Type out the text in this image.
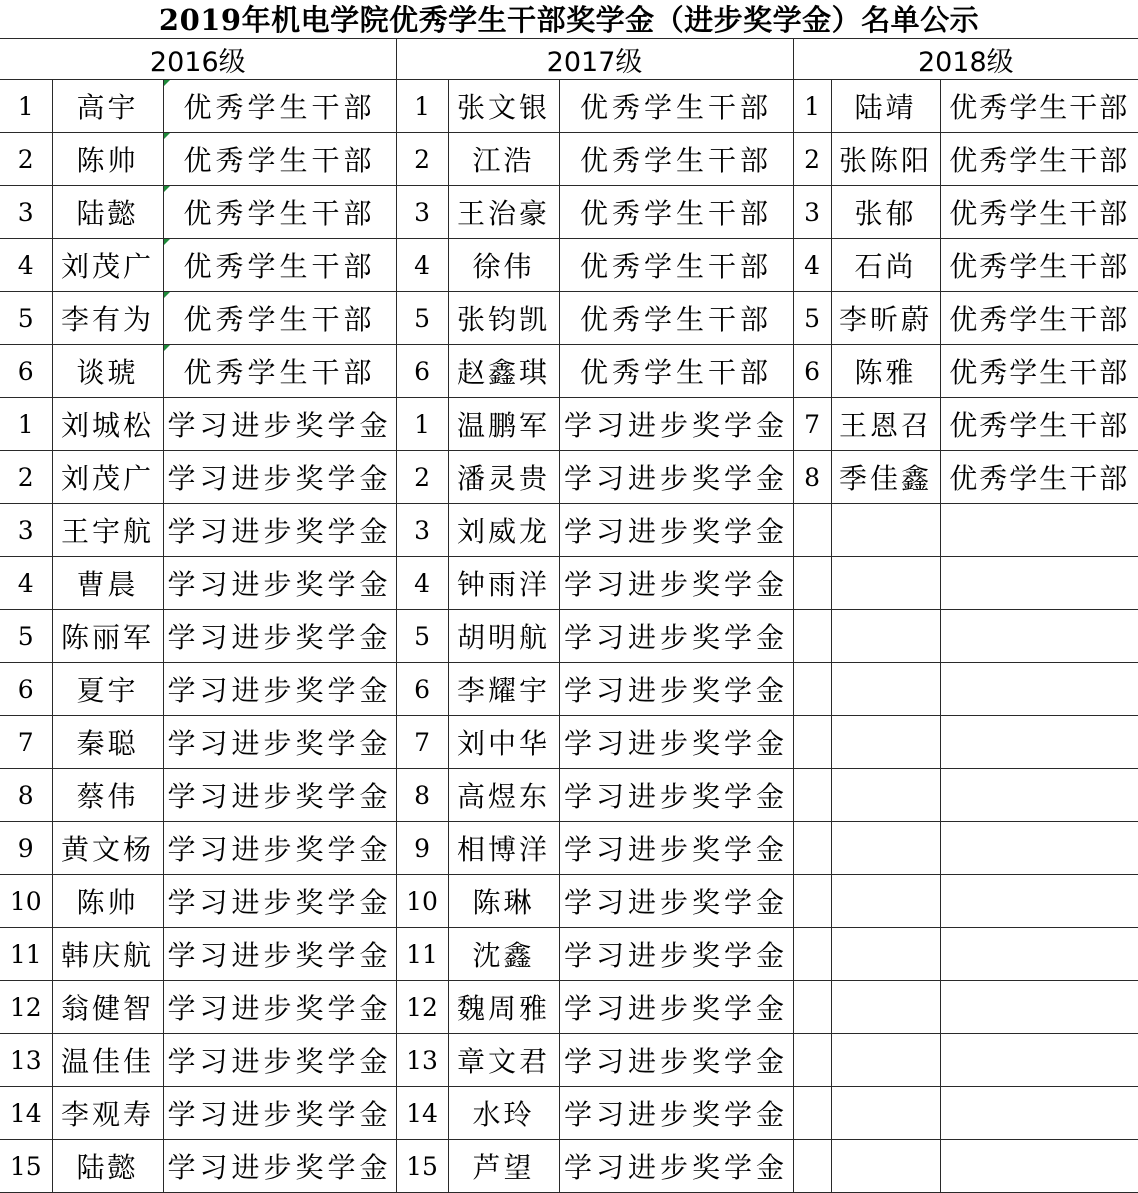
2019年机电学院优秀学生干部奖学金（进步奖学金）名单公示
2016级			2017级			2018级		
1	高宇	优秀学生干部	1	张文银	优秀学生干部	1	陆靖	优秀学生干部
2	陈帅	优秀学生干部	2	江浩	优秀学生干部	2	张陈阳	优秀学生干部
3	陆懿	优秀学生干部	3	王治豪	优秀学生干部	3	张郁	优秀学生干部
4	刘茂广	优秀学生干部	4	徐伟	优秀学生干部	4	石尚	优秀学生干部
5	李有为	优秀学生干部	5	张钧凯	优秀学生干部	5	李昕蔚	优秀学生干部
6	谈琥	优秀学生干部	6	赵鑫琪	优秀学生干部	6	陈雅	优秀学生干部
1	刘城松	学习进步奖学金	1	温鹏军	学习进步奖学金	7	王恩召	优秀学生干部
2	刘茂广	学习进步奖学金	2	潘灵贵	学习进步奖学金	8	季佳鑫	优秀学生干部
3	王宇航	学习进步奖学金	3	刘威龙	学习进步奖学金			
4	曹晨	学习进步奖学金	4	钟雨洋	学习进步奖学金			
5	陈丽军	学习进步奖学金	5	胡明航	学习进步奖学金			
6	夏宇	学习进步奖学金	6	李耀宇	学习进步奖学金			
7	秦聪	学习进步奖学金	7	刘中华	学习进步奖学金			
8	蔡伟	学习进步奖学金	8	高煜东	学习进步奖学金			
9	黄文杨	学习进步奖学金	9	相博洋	学习进步奖学金			
10	陈帅	学习进步奖学金	10	陈琳	学习进步奖学金			
11	韩庆航	学习进步奖学金	11	沈鑫	学习进步奖学金			
12	翁健智	学习进步奖学金	12	魏周雅	学习进步奖学金			
13	温佳佳	学习进步奖学金	13	章文君	学习进步奖学金			
14	李观寿	学习进步奖学金	14	水玲	学习进步奖学金			
15	陆懿	学习进步奖学金	15	芦望	学习进步奖学金			
